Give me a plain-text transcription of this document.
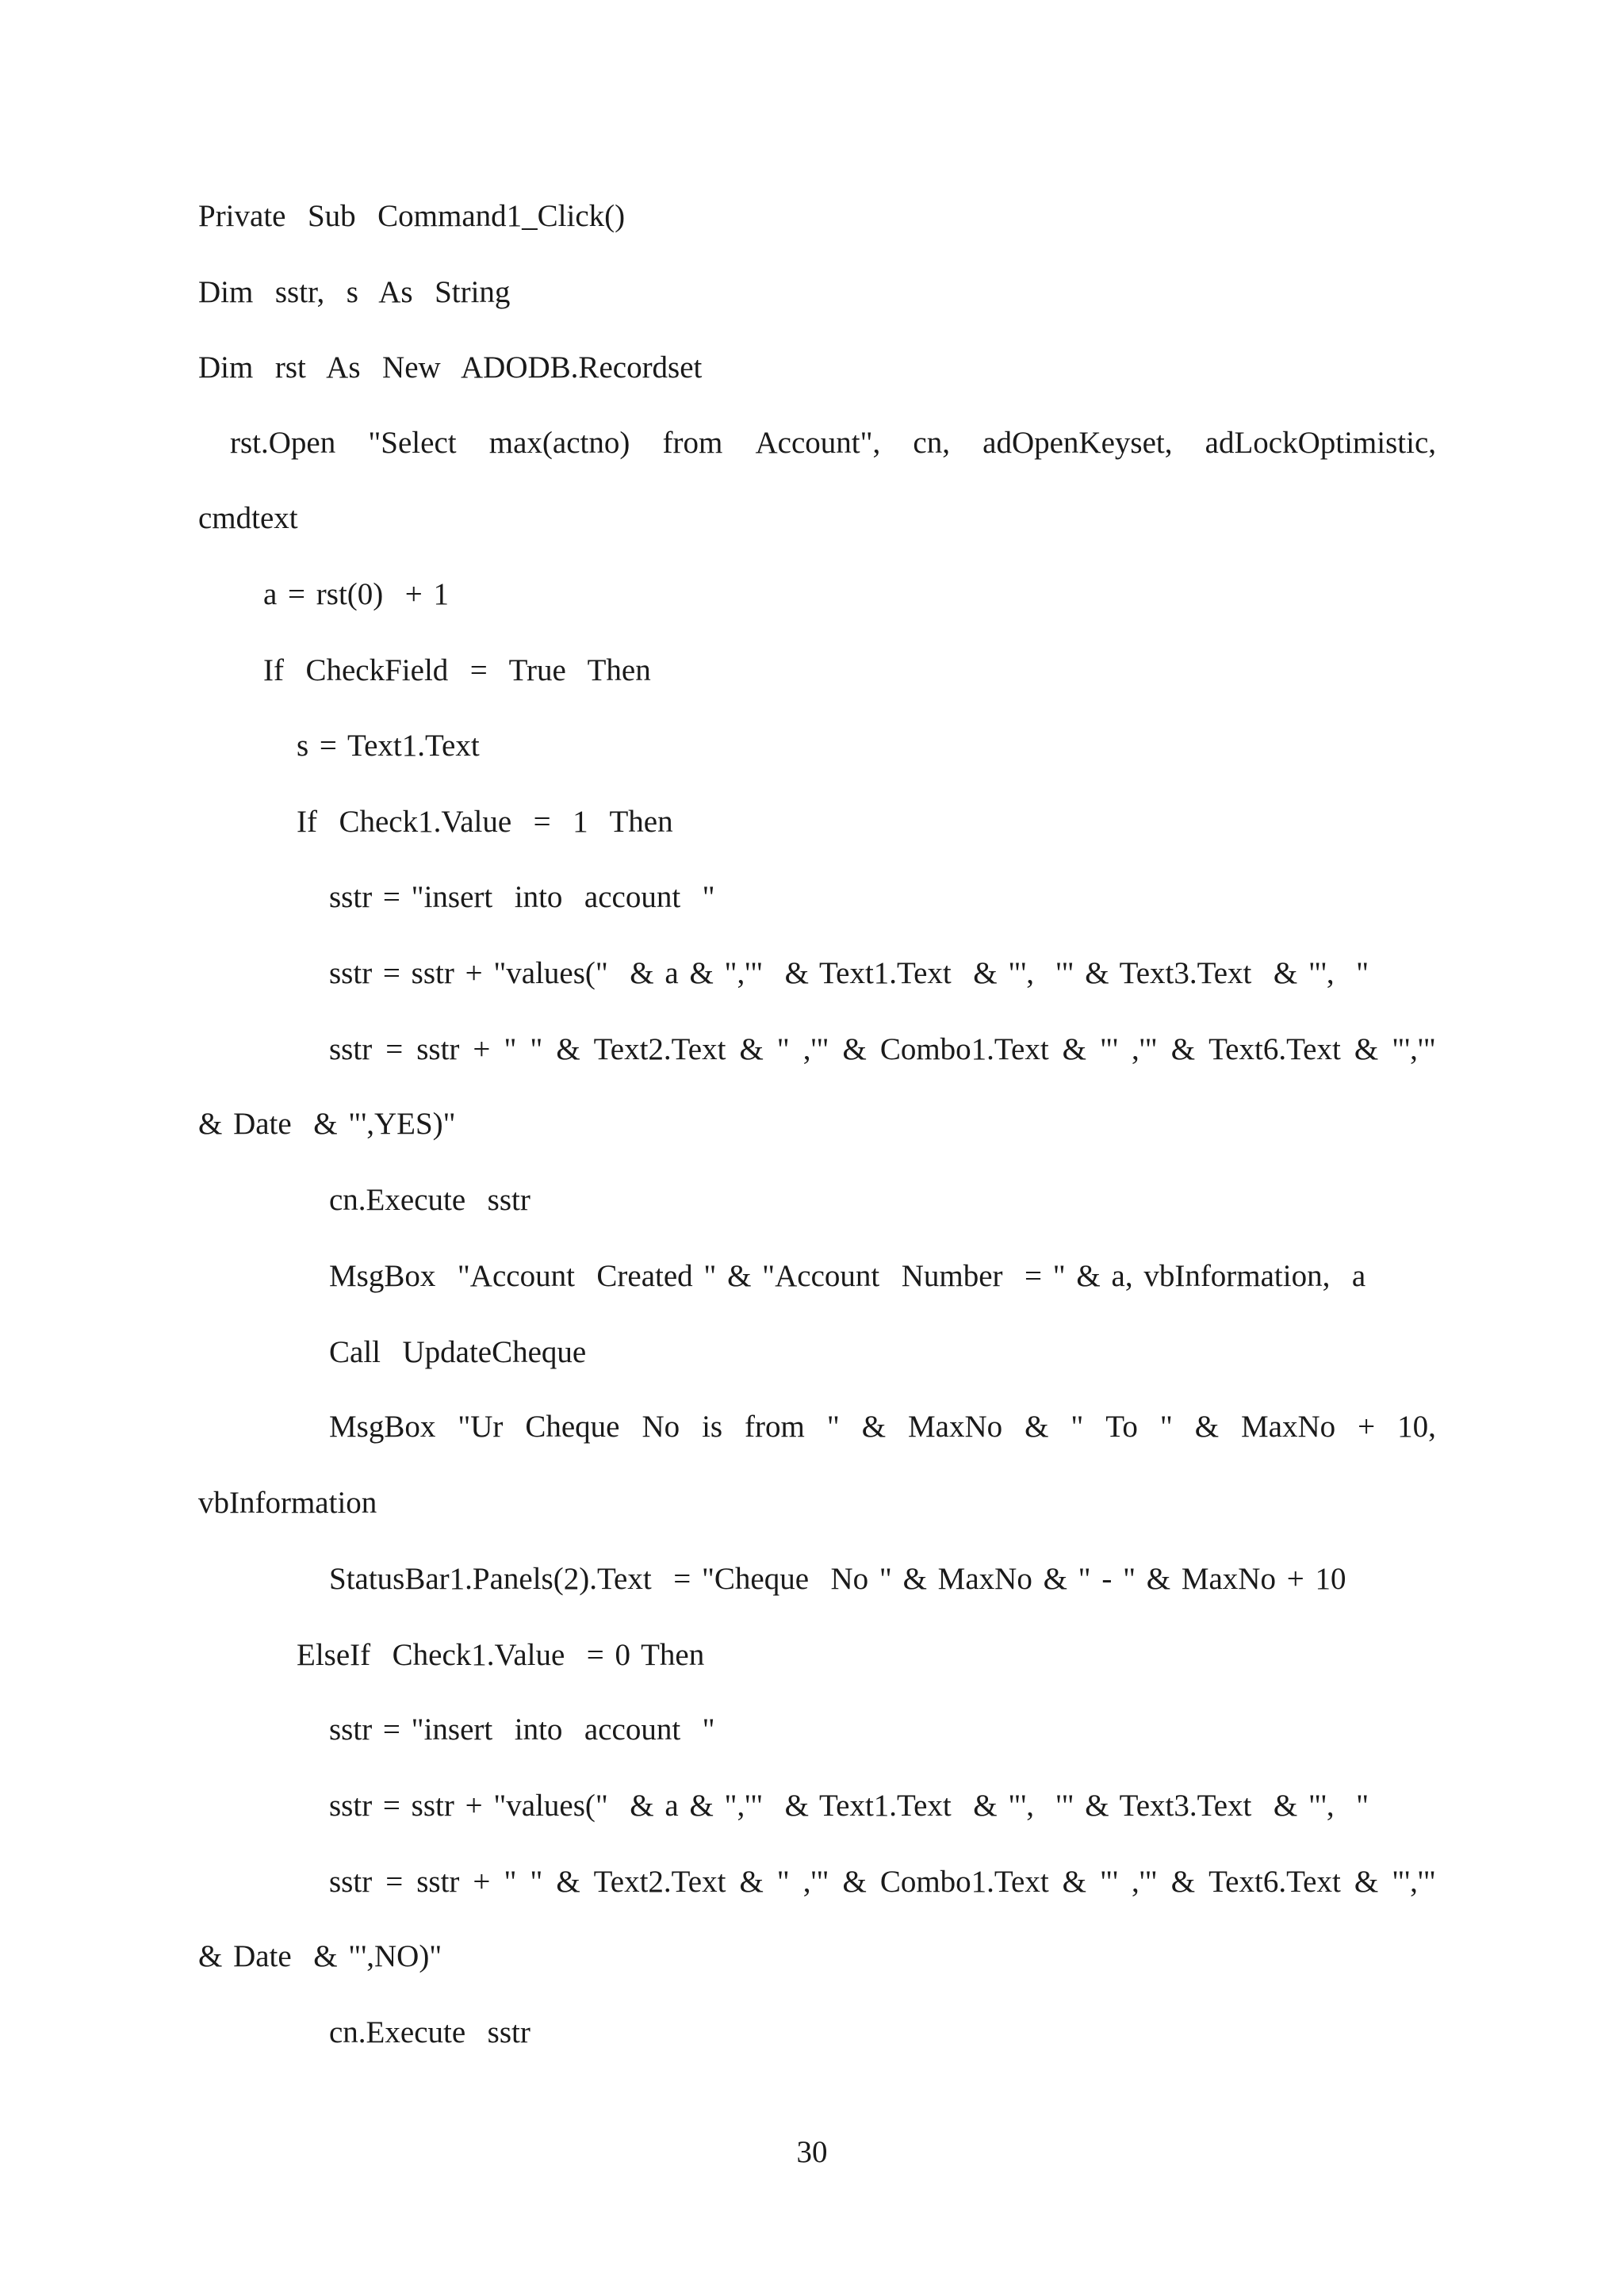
Private  Sub  Command1_Click()
Dim  sstr,  s  As  String
Dim  rst  As  New  ADODB.Recordset
rst.Open "Select max(actno) from Account", cn, adOpenKeyset, adLockOptimistic,
cmdtext
a = rst(0)  + 1
If  CheckField  =  True  Then
s = Text1.Text
If  Check1.Value  =  1  Then
sstr = "insert  into  account  "
sstr = sstr + "values("  & a & ",'"  & Text1.Text  & "',  '" & Text3.Text  & "',  "
sstr = sstr + " " & Text2.Text & " ,'" & Combo1.Text & "' ,'" & Text6.Text & "','"
& Date  & "',YES)"
cn.Execute  sstr
MsgBox  "Account  Created " & "Account  Number  = " & a, vbInformation,  a
Call  UpdateCheque
MsgBox "Ur Cheque No is from " & MaxNo & " To " & MaxNo + 10,
vbInformation
StatusBar1.Panels(2).Text  = "Cheque  No " & MaxNo & " - " & MaxNo + 10
ElseIf  Check1.Value  = 0 Then
sstr = "insert  into  account  "
sstr = sstr + "values("  & a & ",'"  & Text1.Text  & "',  '" & Text3.Text  & "',  "
sstr = sstr + " " & Text2.Text & " ,'" & Combo1.Text & "' ,'" & Text6.Text & "','"
& Date  & "',NO)"
cn.Execute  sstr
30
